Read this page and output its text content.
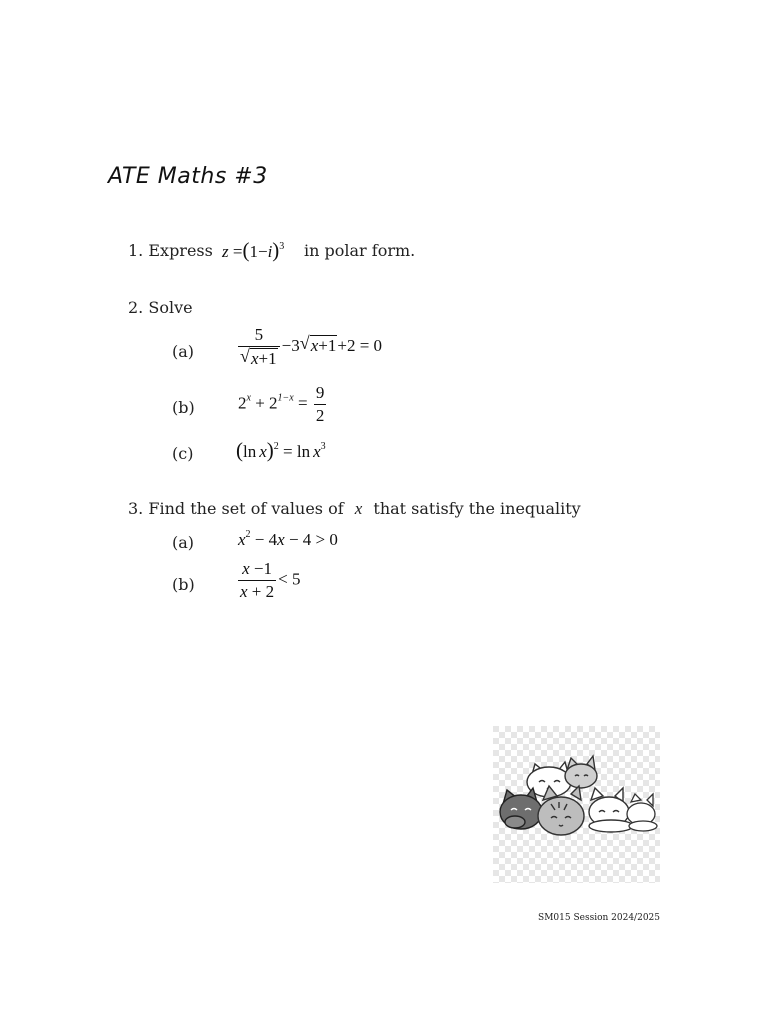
ATE Maths #3
1. Express $z =(1-i)^3$ in polar form.
2. Solve
(a)	$\frac{5}{√ x+1} -3$ √ x+1+2 = 0
(b)	$2^x + 2^{1-x} = \frac{9}{2}$
(c) (ln $x)^2 = \ln x^3$
3. Find the set of values of x that satisfy the inequality
(a)	$x^2 - 4x - 4 > 0$
(b)	$\frac{x -1}{x + 2} < 5$
SM015 Session 2024/2025
